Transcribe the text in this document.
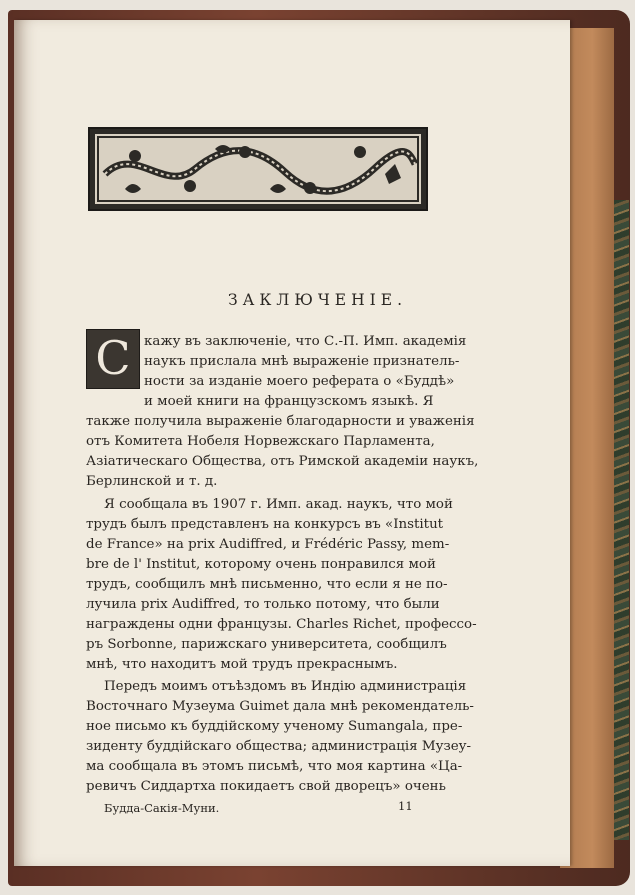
ЗАКЛЮЧЕНІЕ.
С	кажу въ заключеніе, что С.-П. Имп. академія
наукъ прислала мнѣ выраженіе признатель-
ности за изданіе моего реферата о «Буддѣ»
и моей книги на французскомъ языкѣ. Я
также получила выраженіе благодарности и уваженія
отъ Комитета Нобеля Норвежскаго Парламента,
Азіатическаго Общества, отъ Римской академіи наукъ,
Берлинской и т. д.
Я сообщала въ 1907 г. Имп. акад. наукъ, что мой
трудъ былъ представленъ на конкурсъ въ «Institut
de France» на prix Audiffred, и Frédéric Passy, mem-
bre de l' Institut, которому очень понравился мой
трудъ, сообщилъ мнѣ письменно, что если я не по-
лучила prix Audiffred, то только потому, что были
награждены одни французы. Charles Richet, профессо-
ръ Sorbonne, парижскаго университета, сообщилъ
мнѣ, что находитъ мой трудъ прекраснымъ.
Передъ моимъ отъѣздомъ въ Индію администрація
Восточнаго Музеума Guimet дала мнѣ рекомендатель-
ное письмо къ буддійскому ученому Sumangala, пре-
зиденту буддійскаго общества; администрація Музеу-
ма сообщала въ этомъ письмѣ, что моя картина «Ца-
ревичъ Сиддартха покидаетъ свой дворецъ» очень
Будда-Сакія-Муни.	11
